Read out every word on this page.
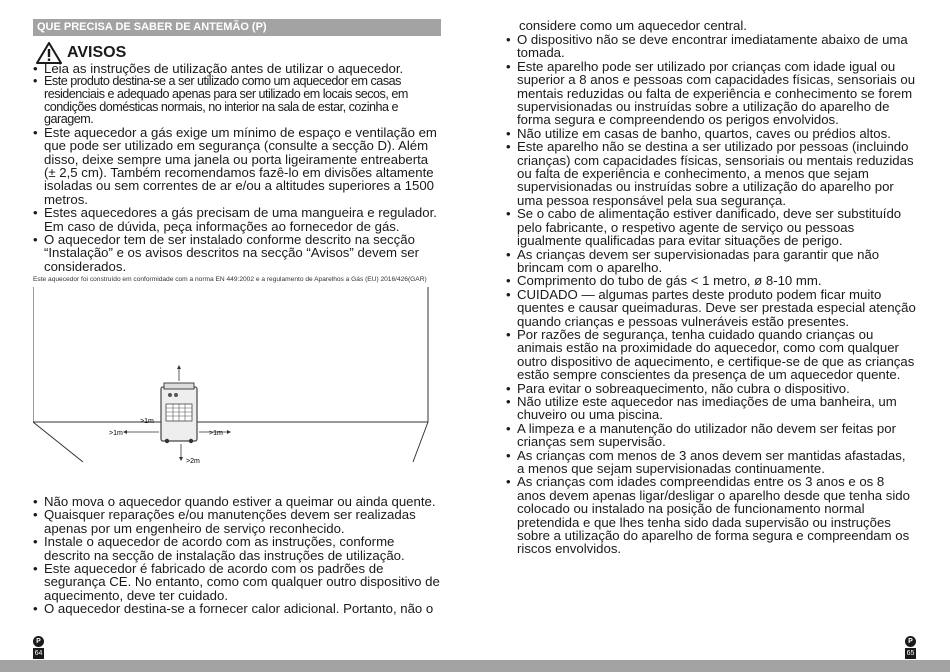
QUE PRECISA DE SABER DE ANTEMÃO (P)
AVISOS
• Leia as instruções de utilização antes de utilizar o aquecedor.
• Este produto destina-se a ser utilizado como um aquecedor em casas residenciais e adequado apenas para ser utilizado em locais secos, em condições domésticas normais, no interior na sala de estar, cozinha e garagem.
• Este aquecedor a gás exige um mínimo de espaço e ventilação em que pode ser utilizado em segurança (consulte a secção D). Além disso, deixe sempre uma janela ou porta ligeiramente entreaberta (± 2,5 cm). Também recomendamos fazê-lo em divisões altamente isoladas ou sem correntes de ar e/ou a altitudes superiores a 1500 metros.
• Estes aquecedores a gás precisam de uma mangueira e regulador. Em caso de dúvida, peça informações ao fornecedor de gás.
• O aquecedor tem de ser instalado conforme descrito na secção “Instalação” e os avisos descritos na secção “Avisos” devem ser considerados.
Este aquecedor foi construído em conformidade com a norma EN 449:2002 e a regulamento de Aparelhos a Gás (EU) 2016/426(GAR)
>1m
>1m	>1m
>2m
• Não mova o aquecedor quando estiver a queimar ou ainda quente.
• Quaisquer reparações e/ou manutenções devem ser realizadas apenas por um engenheiro de serviço reconhecido.
• Instale o aquecedor de acordo com as instruções, conforme descrito na secção de instalação das instruções de utilização.
• Este aquecedor é fabricado de acordo com os padrões de segurança CE. No entanto, como com qualquer outro dispositivo de aquecimento, deve ter cuidado.
• O aquecedor destina-se a fornecer calor adicional. Portanto, não o
considere como um aquecedor central.
• O dispositivo não se deve encontrar imediatamente abaixo de uma tomada.
• Este aparelho pode ser utilizado por crianças com idade igual ou superior a 8 anos e pessoas com capacidades físicas, sensoriais ou mentais reduzidas ou falta de experiência e conhecimento se forem supervisionadas ou instruídas sobre a utilização do aparelho de forma segura e compreendendo os perigos envolvidos.
• Não utilize em casas de banho, quartos, caves ou prédios altos.
• Este aparelho não se destina a ser utilizado por pessoas (incluindo crianças) com capacidades físicas, sensoriais ou mentais reduzidas ou falta de experiência e conhecimento, a menos que sejam supervisionadas ou instruídas sobre a utilização do aparelho por uma pessoa responsável pela sua segurança.
• Se o cabo de alimentação estiver danificado, deve ser substituído pelo fabricante, o respetivo agente de serviço ou pessoas igualmente qualificadas para evitar situações de perigo.
• As crianças devem ser supervisionadas para garantir que não brincam com o aparelho.
• Comprimento do tubo de gás < 1 metro, ø 8-10 mm.
• CUIDADO — algumas partes deste produto podem ficar muito quentes e causar queimaduras. Deve ser prestada especial atenção quando crianças e pessoas vulneráveis estão presentes.
• Por razões de segurança, tenha cuidado quando crianças ou animais estão na proximidade do aquecedor, como com qualquer outro dispositivo de aquecimento, e certifique-se de que as crianças estão sempre conscientes da presença de um aquecedor quente.
• Para evitar o sobreaquecimento, não cubra o dispositivo.
• Não utilize este aquecedor nas imediações de uma banheira, um chuveiro ou uma piscina.
• A limpeza e a manutenção do utilizador não devem ser feitas por crianças sem supervisão.
• As crianças com menos de 3 anos devem ser mantidas afastadas, a menos que sejam supervisionadas continuamente.
• As crianças com idades compreendidas entre os 3 anos e os 8 anos devem apenas ligar/desligar o aparelho desde que tenha sido colocado ou instalado na posição de funcionamento normal pretendida e que lhes tenha sido dada supervisão ou instruções sobre a utilização do aparelho de forma segura e compreendam os riscos envolvidos.
P
64
P
65
